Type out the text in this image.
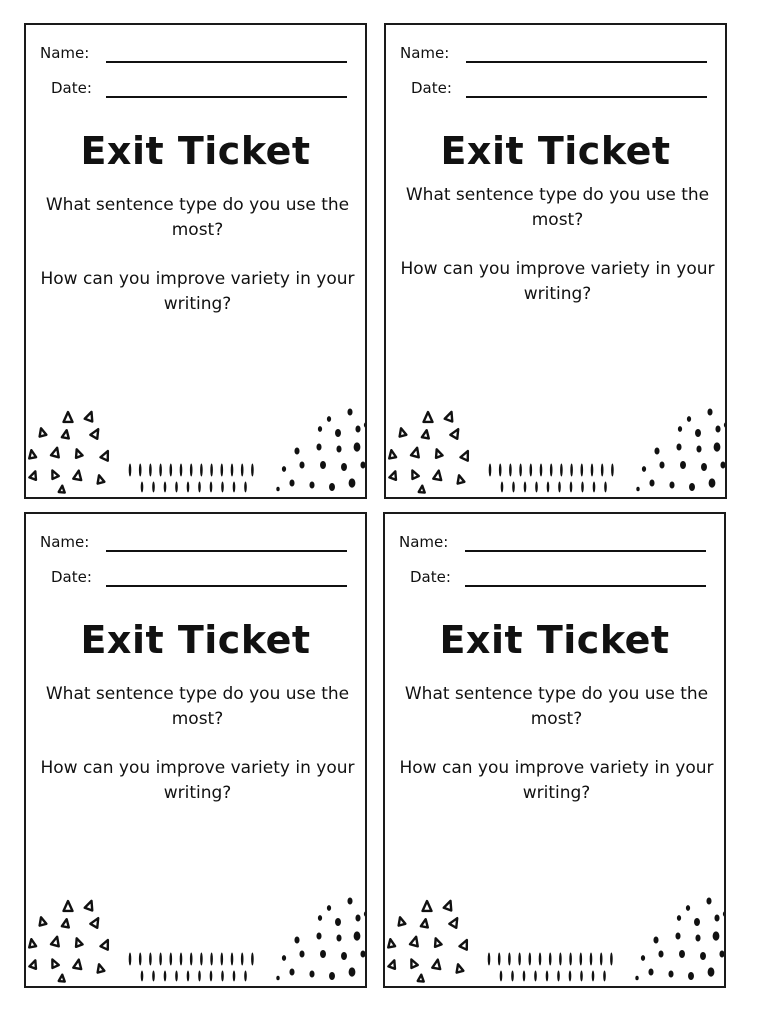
Name:
Date:
Exit Ticket
What sentence type do you use the most?
How can you improve variety in your writing?
Name:
Date:
Exit Ticket
What sentence type do you use the most?
How can you improve variety in your writing?
Name:
Date:
Exit Ticket
What sentence type do you use the most?
How can you improve variety in your writing?
Name:
Date:
Exit Ticket
What sentence type do you use the most?
How can you improve variety in your writing?
